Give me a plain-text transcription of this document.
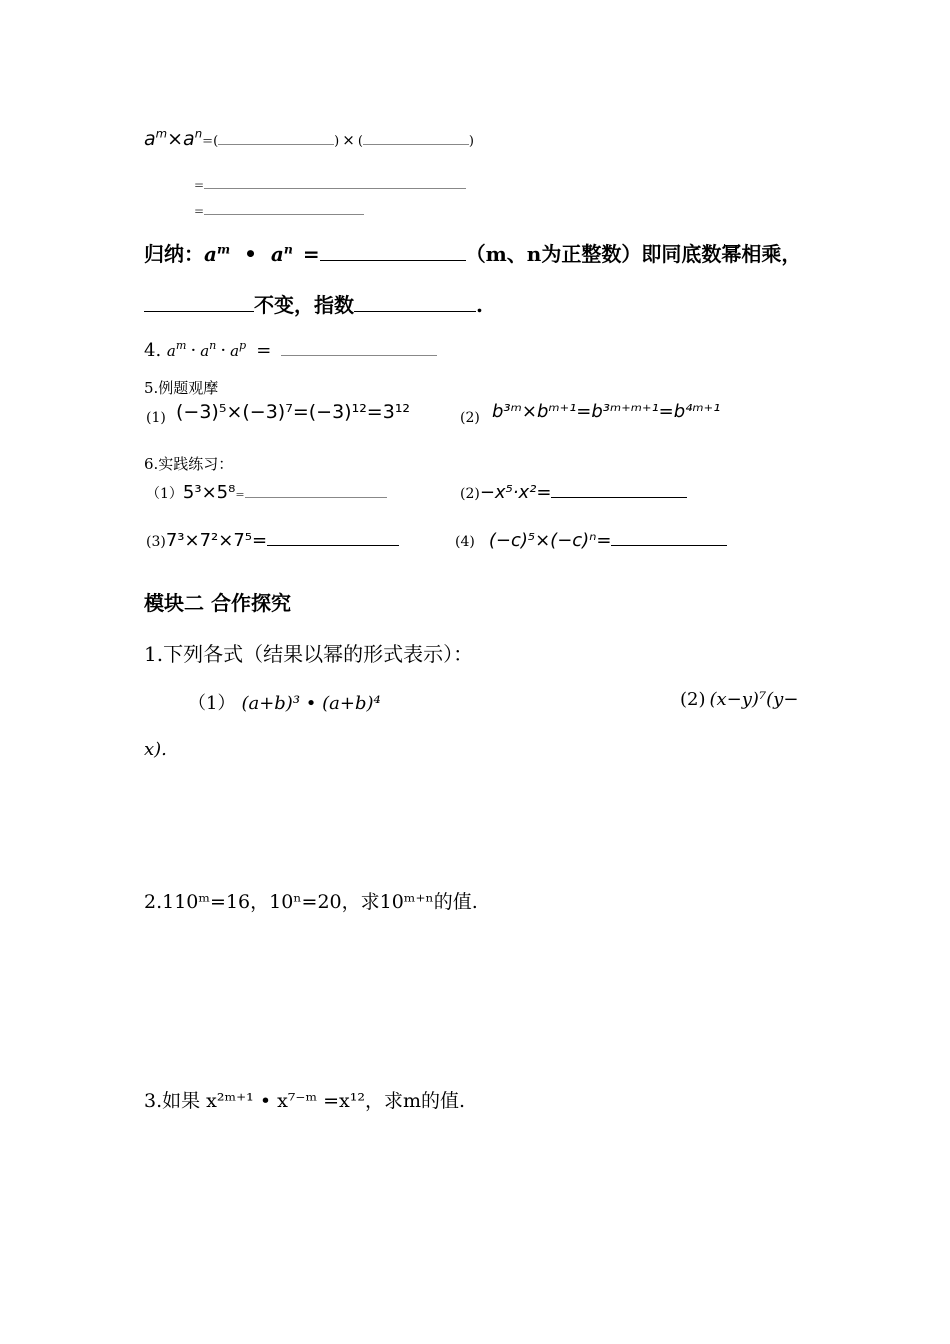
$a^m\times a^n=$(	) × (	)
=
=
归纳：$a^m$ • $a^n$ =	（m、n为正整数）即同底数幂相乘，
不变，指数	.
4. $a^m \cdot a^n \cdot a^p$ =
5.例题观摩
(1) (−3)⁵×(−3)⁷=(−3)¹²=3¹²	(2) b³ᵐ×bᵐ⁺¹=b³ᵐ⁺ᵐ⁺¹=b⁴ᵐ⁺¹
6.实践练习：
（1）5³×5⁸=	(2)−x⁵·x²=
(3)7³×7²×7⁵=	(4) (−c)⁵×(−c)ⁿ=
模块二 合作探究
1.下列各式（结果以幂的形式表示）：
（1） (a+b)³ • (a+b)⁴	(2) (x−y)⁷(y−
x).
2.110ᵐ=16，10ⁿ=20，求10ᵐ⁺ⁿ的值.
3.如果 x²ᵐ⁺¹ • x⁷⁻ᵐ =x¹²，求m的值.
